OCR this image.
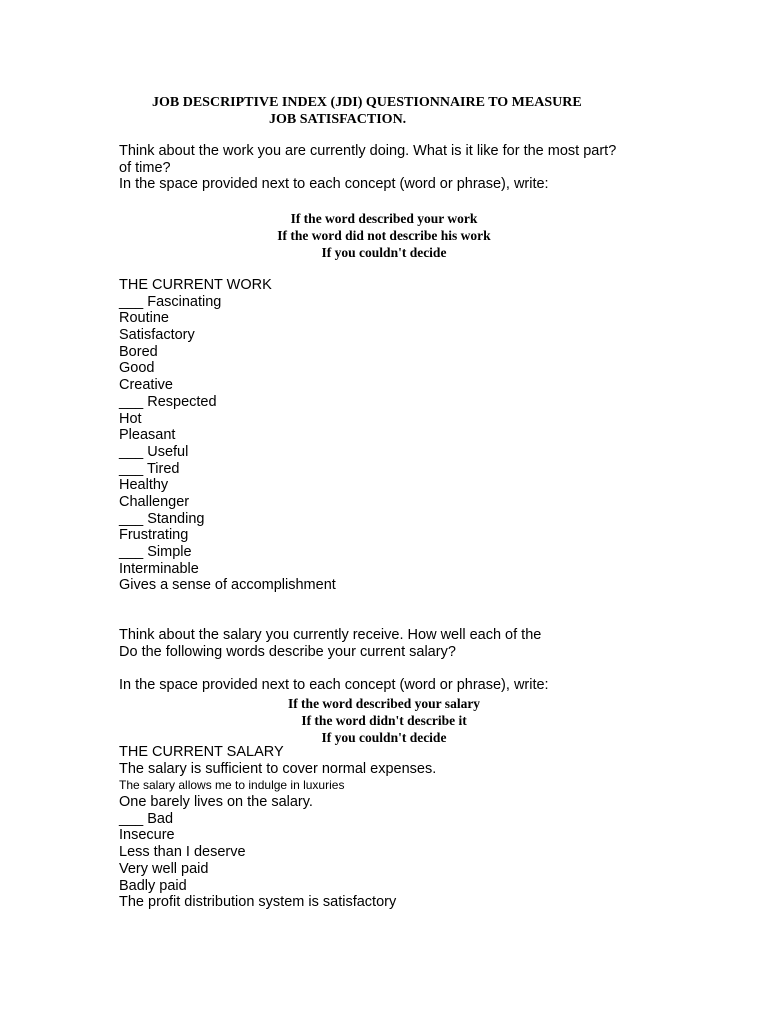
JOB DESCRIPTIVE INDEX (JDI) QUESTIONNAIRE TO MEASURE
JOB SATISFACTION.
Think about the work you are currently doing. What is it like for the most part?
of time?
In the space provided next to each concept (word or phrase), write:
If the word described your work
If the word did not describe his work
If you couldn't decide
THE CURRENT WORK
___ Fascinating
Routine
Satisfactory
Bored
Good
Creative
___ Respected
Hot
Pleasant
___ Useful
___ Tired
Healthy
Challenger
___ Standing
Frustrating
___ Simple
Interminable
Gives a sense of accomplishment
Think about the salary you currently receive. How well each of the
Do the following words describe your current salary?
In the space provided next to each concept (word or phrase), write:
If the word described your salary
If the word didn't describe it
If you couldn't decide
THE CURRENT SALARY
The salary is sufficient to cover normal expenses.
The salary allows me to indulge in luxuries
One barely lives on the salary.
___ Bad
Insecure
Less than I deserve
Very well paid
Badly paid
The profit distribution system is satisfactory
